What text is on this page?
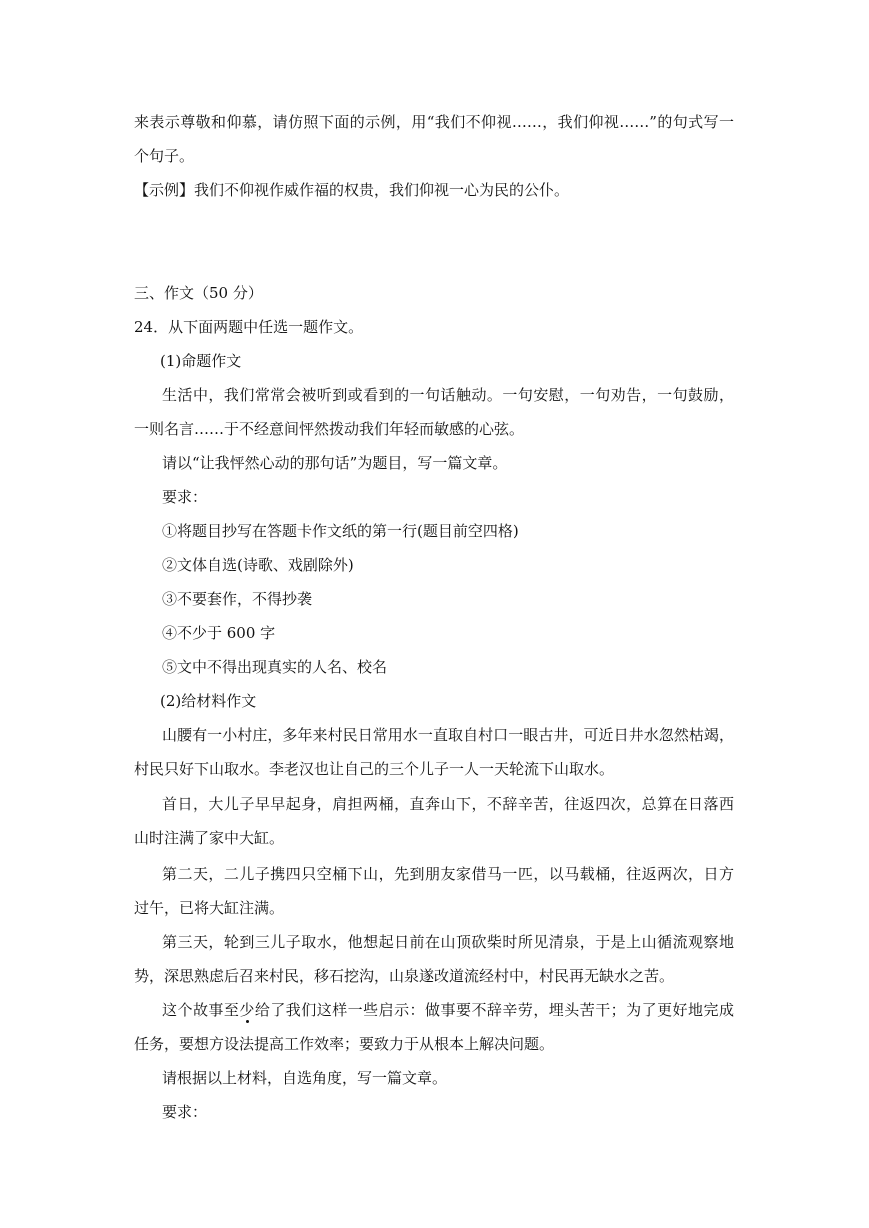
来表示尊敬和仰慕，请仿照下面的示例，用“我们不仰视……，我们仰视……”的句式写一
个句子。
【示例】我们不仰视作威作福的权贵，我们仰视一心为民的公仆。
三、作文（50 分）
24．从下面两题中任选一题作文。
(1)命题作文
生活中，我们常常会被听到或看到的一句话触动。一句安慰，一句劝告，一句鼓励，
一则名言……于不经意间怦然拨动我们年轻而敏感的心弦。
请以“让我怦然心动的那句话”为题目，写一篇文章。
要求：
①将题目抄写在答题卡作文纸的第一行(题目前空四格)
②文体自选(诗歌、戏剧除外)
③不要套作，不得抄袭
④不少于 600 字
⑤文中不得出现真实的人名、校名
(2)给材料作文
山腰有一小村庄，多年来村民日常用水一直取自村口一眼古井，可近日井水忽然枯竭，
村民只好下山取水。李老汉也让自己的三个儿子一人一天轮流下山取水。
首日，大儿子早早起身，肩担两桶，直奔山下，不辞辛苦，往返四次，总算在日落西
山时注满了家中大缸。
第二天，二儿子携四只空桶下山，先到朋友家借马一匹，以马载桶，往返两次，日方
过午，已将大缸注满。
第三天，轮到三儿子取水，他想起日前在山顶砍柴时所见清泉，于是上山循流观察地
势，深思熟虑后召来村民，移石挖沟，山泉遂改道流经村中，村民再无缺水之苦。
这个故事至少给了我们这样一些启示：做事要不辞辛劳，埋头苦干；为了更好地完成
任务，要想方设法提高工作效率；要致力于从根本上解决问题。
请根据以上材料，自选角度，写一篇文章。
要求：
